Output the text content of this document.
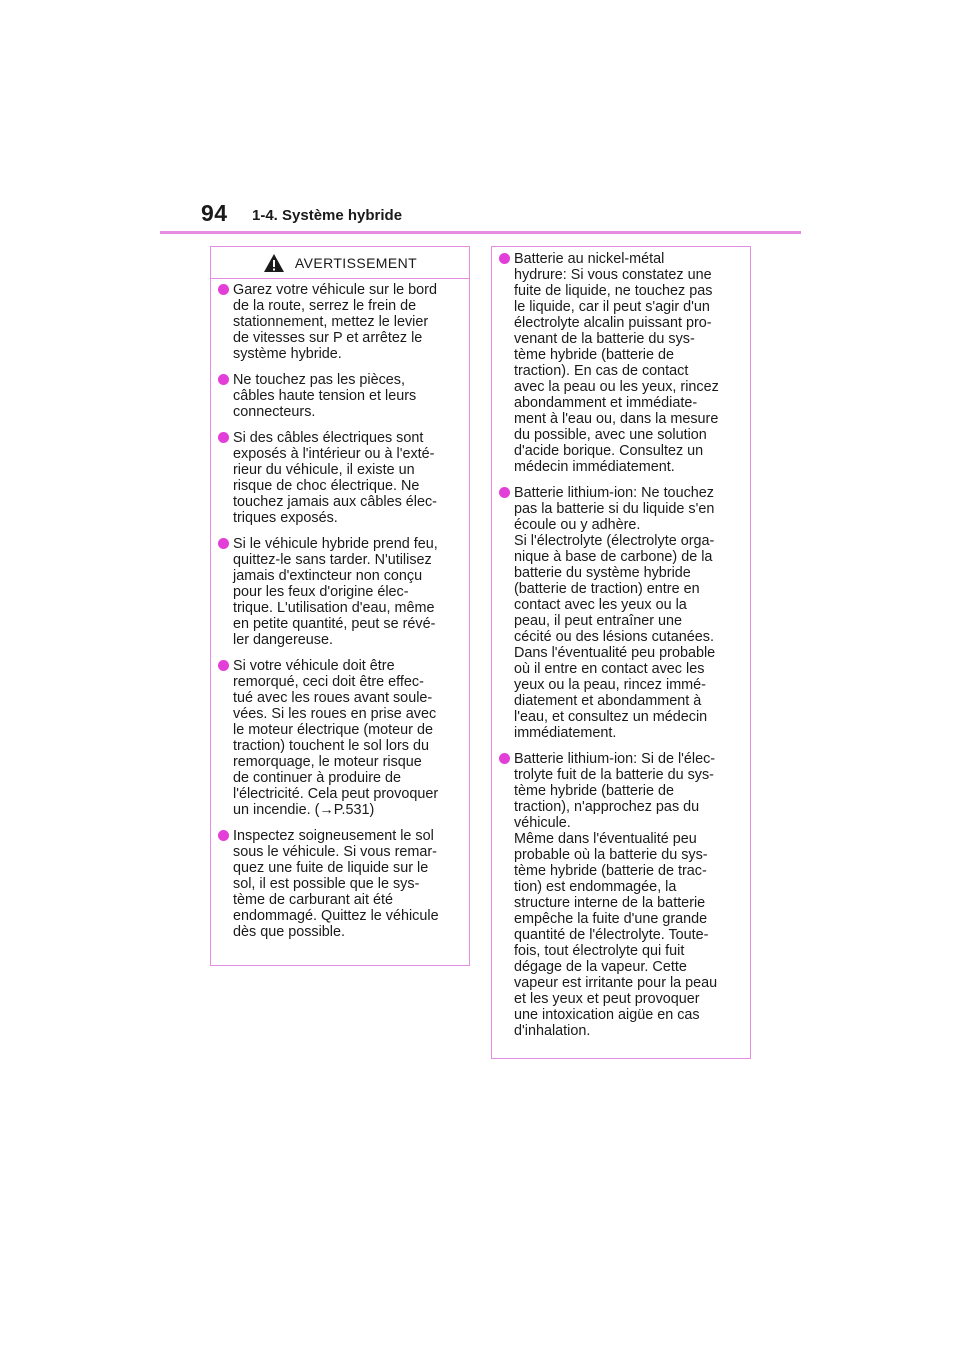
94 1-4. Système hybride
AVERTISSEMENT
Garez votre véhicule sur le bord
de la route, serrez le frein de
stationnement, mettez le levier
de vitesses sur P et arrêtez le
système hybride.
Ne touchez pas les pièces,
câbles haute tension et leurs
connecteurs.
Si des câbles électriques sont
exposés à l'intérieur ou à l'exté-
rieur du véhicule, il existe un
risque de choc électrique. Ne
touchez jamais aux câbles élec-
triques exposés.
Si le véhicule hybride prend feu,
quittez-le sans tarder. N'utilisez
jamais d'extincteur non conçu
pour les feux d'origine élec-
trique. L'utilisation d'eau, même
en petite quantité, peut se révé-
ler dangereuse.
Si votre véhicule doit être
remorqué, ceci doit être effec-
tué avec les roues avant soule-
vées. Si les roues en prise avec
le moteur électrique (moteur de
traction) touchent le sol lors du
remorquage, le moteur risque
de continuer à produire de
l'électricité. Cela peut provoquer
un incendie. (→P.531)
Inspectez soigneusement le sol
sous le véhicule. Si vous remar-
quez une fuite de liquide sur le
sol, il est possible que le sys-
tème de carburant ait été
endommagé. Quittez le véhicule
dès que possible.
Batterie au nickel-métal
hydrure: Si vous constatez une
fuite de liquide, ne touchez pas
le liquide, car il peut s'agir d'un
électrolyte alcalin puissant pro-
venant de la batterie du sys-
tème hybride (batterie de
traction). En cas de contact
avec la peau ou les yeux, rincez
abondamment et immédiate-
ment à l'eau ou, dans la mesure
du possible, avec une solution
d'acide borique. Consultez un
médecin immédiatement.
Batterie lithium-ion: Ne touchez
pas la batterie si du liquide s'en
écoule ou y adhère.
Si l'électrolyte (électrolyte orga-
nique à base de carbone) de la
batterie du système hybride
(batterie de traction) entre en
contact avec les yeux ou la
peau, il peut entraîner une
cécité ou des lésions cutanées.
Dans l'éventualité peu probable
où il entre en contact avec les
yeux ou la peau, rincez immé-
diatement et abondamment à
l'eau, et consultez un médecin
immédiatement.
Batterie lithium-ion: Si de l'élec-
trolyte fuit de la batterie du sys-
tème hybride (batterie de
traction), n'approchez pas du
véhicule.
Même dans l'éventualité peu
probable où la batterie du sys-
tème hybride (batterie de trac-
tion) est endommagée, la
structure interne de la batterie
empêche la fuite d'une grande
quantité de l'électrolyte. Toute-
fois, tout électrolyte qui fuit
dégage de la vapeur. Cette
vapeur est irritante pour la peau
et les yeux et peut provoquer
une intoxication aigüe en cas
d'inhalation.
